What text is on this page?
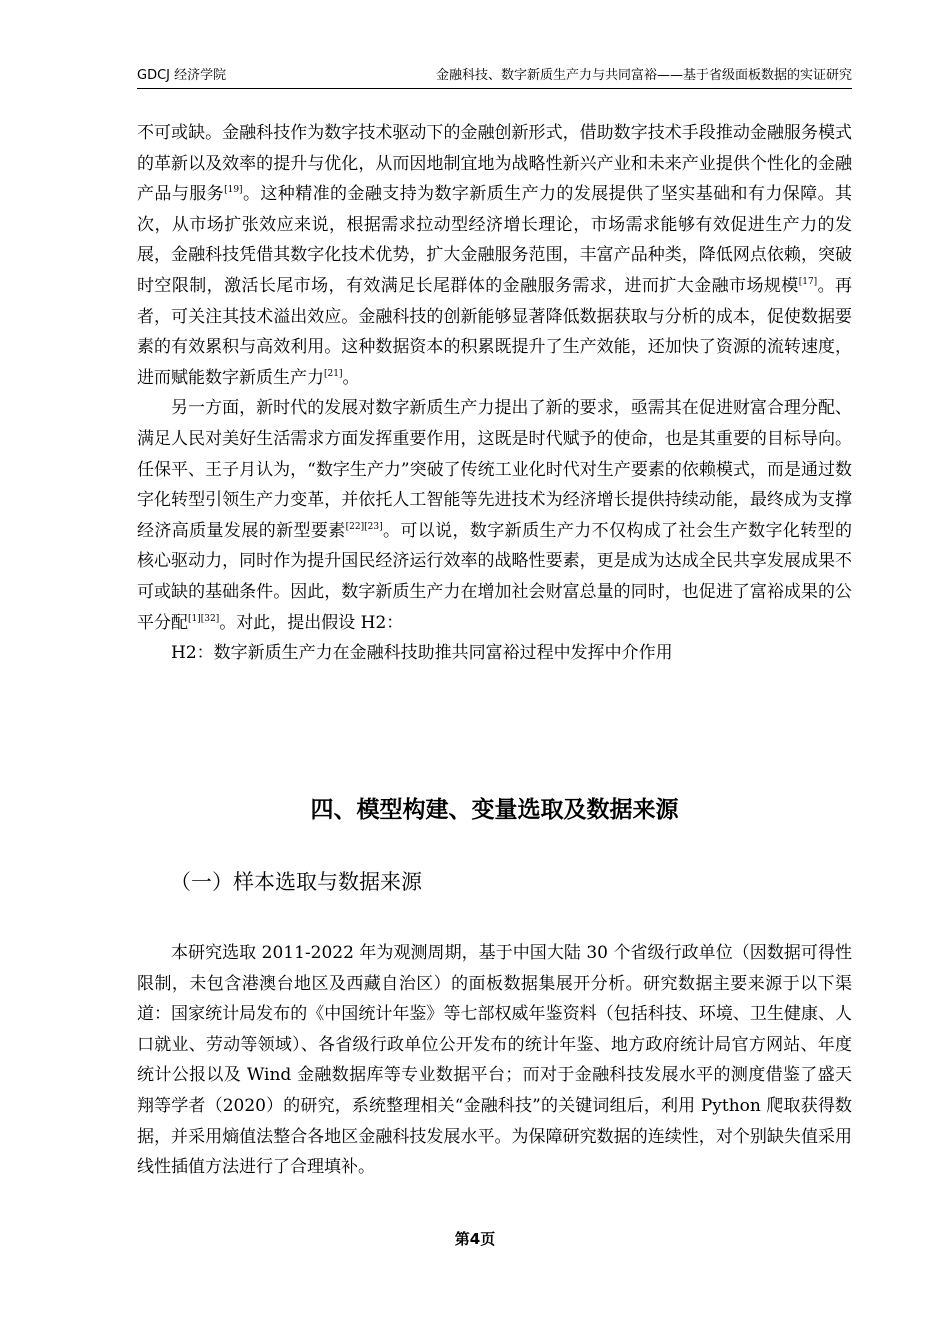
GDCJ 经济学院	金融科技、数字新质生产力与共同富裕——基于省级面板数据的实证研究

不可或缺。金融科技作为数字技术驱动下的金融创新形式，借助数字技术手段推动金融服务模式的革新以及效率的提升与优化，从而因地制宜地为战略性新兴产业和未来产业提供个性化的金融产品与服务[19]。这种精准的金融支持为数字新质生产力的发展提供了坚实基础和有力保障。其次，从市场扩张效应来说，根据需求拉动型经济增长理论，市场需求能够有效促进生产力的发展，金融科技凭借其数字化技术优势，扩大金融服务范围，丰富产品种类，降低网点依赖，突破时空限制，激活长尾市场，有效满足长尾群体的金融服务需求，进而扩大金融市场规模[17]。再者，可关注其技术溢出效应。金融科技的创新能够显著降低数据获取与分析的成本，促使数据要素的有效累积与高效利用。这种数据资本的积累既提升了生产效能，还加快了资源的流转速度，进而赋能数字新质生产力[21]。

另一方面，新时代的发展对数字新质生产力提出了新的要求，亟需其在促进财富合理分配、满足人民对美好生活需求方面发挥重要作用，这既是时代赋予的使命，也是其重要的目标导向。任保平、王子月认为，“数字生产力”突破了传统工业化时代对生产要素的依赖模式，而是通过数字化转型引领生产力变革，并依托人工智能等先进技术为经济增长提供持续动能，最终成为支撑经济高质量发展的新型要素[22][23]。可以说，数字新质生产力不仅构成了社会生产数字化转型的核心驱动力，同时作为提升国民经济运行效率的战略性要素，更是成为达成全民共享发展成果不可或缺的基础条件。因此，数字新质生产力在增加社会财富总量的同时，也促进了富裕成果的公平分配[1][32]。对此，提出假设 H2：

H2：数字新质生产力在金融科技助推共同富裕过程中发挥中介作用

四、模型构建、变量选取及数据来源
（一）样本选取与数据来源

本研究选取 2011-2022 年为观测周期，基于中国大陆 30 个省级行政单位（因数据可得性限制，未包含港澳台地区及西藏自治区）的面板数据集展开分析。研究数据主要来源于以下渠道：国家统计局发布的《中国统计年鉴》等七部权威年鉴资料（包括科技、环境、卫生健康、人口就业、劳动等领域）、各省级行政单位公开发布的统计年鉴、地方政府统计局官方网站、年度统计公报以及 Wind 金融数据库等专业数据平台；而对于金融科技发展水平的测度借鉴了盛天翔等学者（2020）的研究，系统整理相关“金融科技”的关键词组后，利用 Python 爬取获得数据，并采用熵值法整合各地区金融科技发展水平。为保障研究数据的连续性，对个别缺失值采用线性插值方法进行了合理填补。

第4页
